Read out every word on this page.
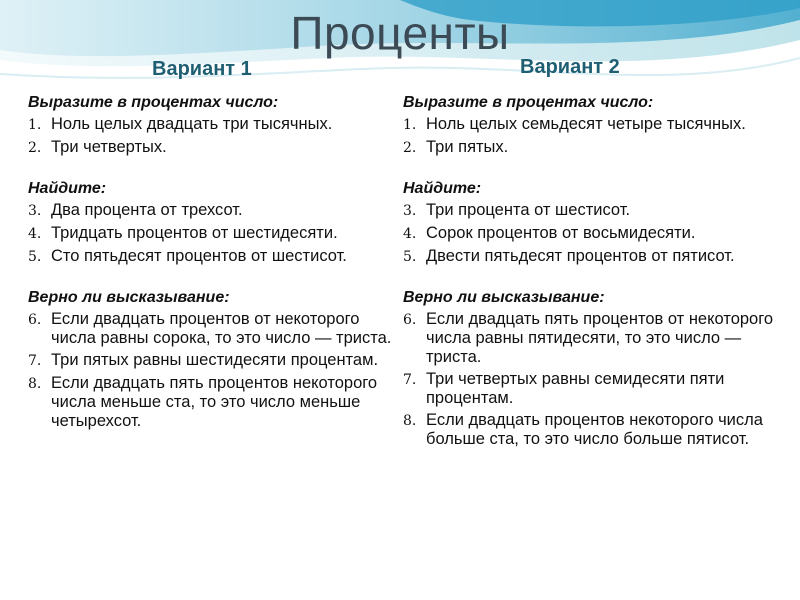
Проценты
Вариант 1	Вариант 2
Выразите в процентах число:
1. Ноль целых двадцать три тысячных.
2. Три четвертых.
Найдите:
3. Два процента от трехсот.
4. Тридцать процентов от шестидесяти.
5. Сто пятьдесят процентов от шестисот.
Верно ли высказывание:
6. Если двадцать процентов от некоторого числа равны сорока, то это число — триста.
7. Три пятых равны шестидесяти процентам.
8. Если двадцать пять процентов некоторого числа меньше ста, то это число меньше четырехсот.
Выразите в процентах число:
1. Ноль целых семьдесят четыре тысячных.
2. Три пятых.
Найдите:
3. Три процента от шестисот.
4. Сорок процентов от восьмидесяти.
5. Двести пятьдесят процентов от пятисот.
Верно ли высказывание:
6. Если двадцать пять процентов от некоторого числа равны пятидесяти, то это число — триста.
7. Три четвертых равны семидесяти пяти процентам.
8. Если двадцать процентов некоторого числа больше ста, то это число больше пятисот.
